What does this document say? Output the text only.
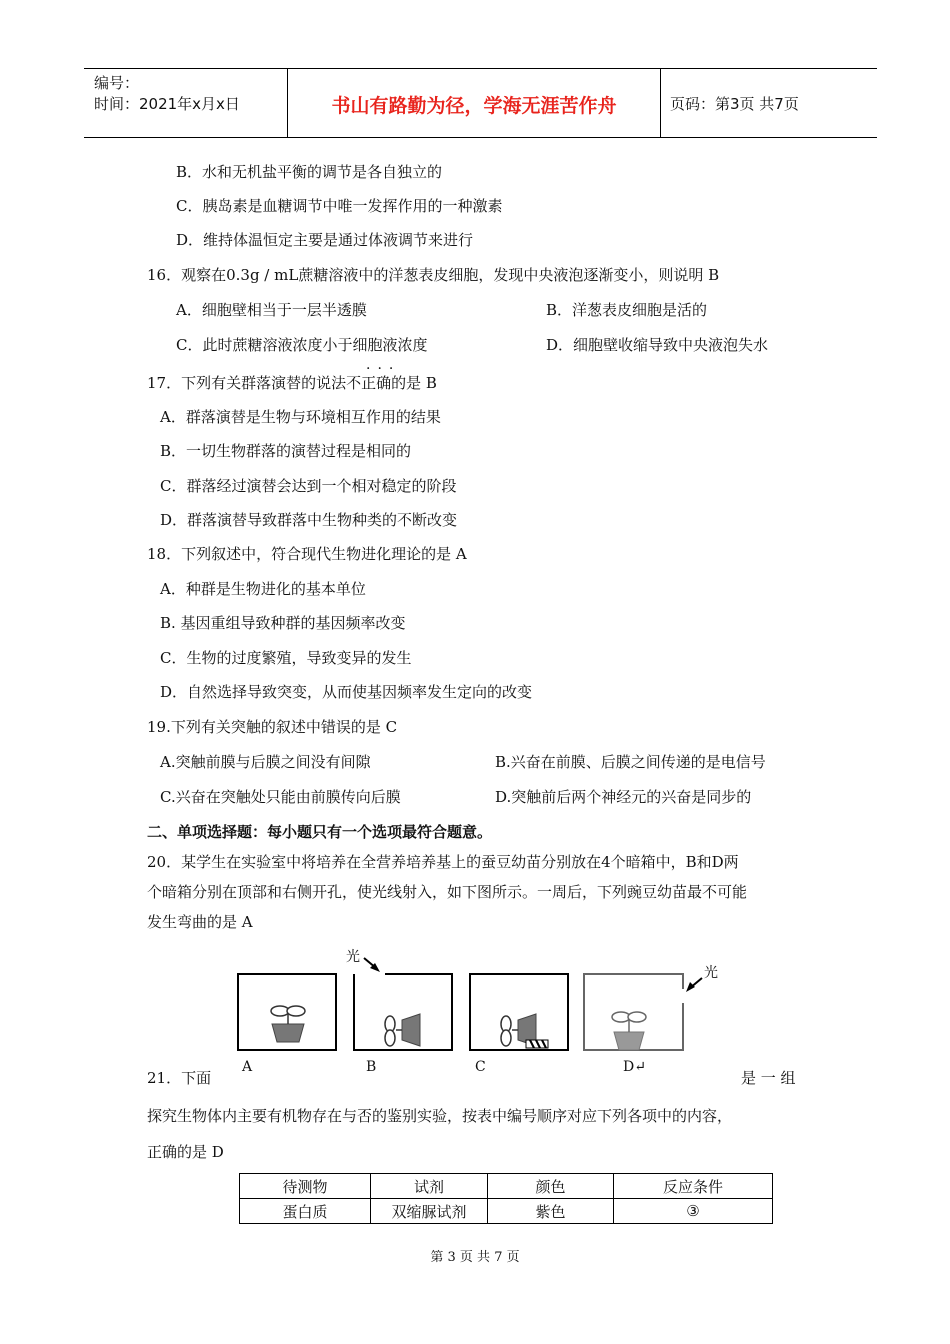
编号：
时间：2021年x月x日	书山有路勤为径，学海无涯苦作舟	页码：第3页 共7页
B．水和无机盐平衡的调节是各自独立的
C．胰岛素是血糖调节中唯一发挥作用的一种激素
D．维持体温恒定主要是通过体液调节来进行
16．观察在0.3g / mL蔗糖溶液中的洋葱表皮细胞，发现中央液泡逐渐变小，则说明 B
A．细胞壁相当于一层半透膜	B．洋葱表皮细胞是活的
C．此时蔗糖溶液浓度小于细胞液浓度	D．细胞壁收缩导致中央液泡失水
17．下列有关群落演替的说法不正确的是 B
···
A．群落演替是生物与环境相互作用的结果
B．一切生物群落的演替过程是相同的
C．群落经过演替会达到一个相对稳定的阶段
D．群落演替导致群落中生物种类的不断改变
18．下列叙述中，符合现代生物进化理论的是 A
A．种群是生物进化的基本单位
B. 基因重组导致种群的基因频率改变
C．生物的过度繁殖，导致变异的发生
D．自然选择导致突变，从而使基因频率发生定向的改变
19.下列有关突触的叙述中错误的是 C
A.突触前膜与后膜之间没有间隙	B.兴奋在前膜、后膜之间传递的是电信号
C.兴奋在突触处只能由前膜传向后膜	D.突触前后两个神经元的兴奋是同步的
二、单项选择题：每小题只有一个选项最符合题意。
20．某学生在实验室中将培养在全营养培养基上的蚕豆幼苗分别放在4个暗箱中，B和D两
个暗箱分别在顶部和右侧开孔，使光线射入，如下图所示。一周后，下列豌豆幼苗最不可能
发生弯曲的是 A
光
光
A	B	C	D↵
21．下面	是 一 组
探究生物体内主要有机物存在与否的鉴别实验，按表中编号顺序对应下列各项中的内容，
正确的是 D
待测物	试剂	颜色	反应条件
蛋白质	双缩脲试剂	紫色	③
第 3 页 共 7 页
